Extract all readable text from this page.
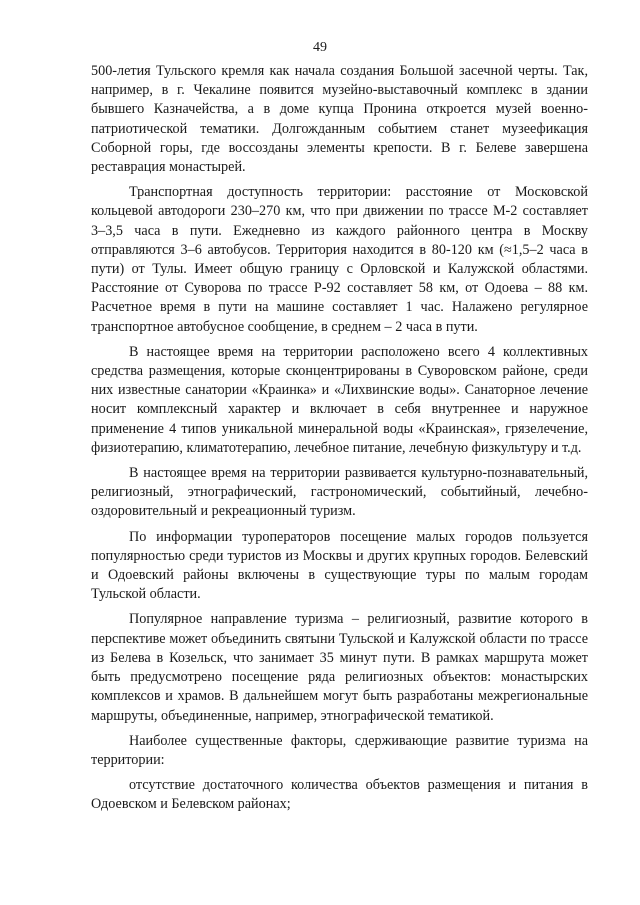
49

500-летия Тульского кремля как начала создания Большой засечной черты. Так, например, в г. Чекалине появится музейно-выставочный комплекс в здании бывшего Казначейства, а в доме купца Пронина откроется музей военно-патриотической тематики. Долгожданным событием станет музеефикация Соборной горы, где воссозданы элементы крепости. В г. Белеве завершена реставрация монастырей.

Транспортная доступность территории: расстояние от Московской кольцевой автодороги 230–270 км, что при движении по трассе М-2 составляет 3–3,5 часа в пути. Ежедневно из каждого районного центра в Москву отправляются 3–6 автобусов. Территория находится в 80-120 км (≈1,5–2 часа в пути) от Тулы. Имеет общую границу с Орловской и Калужской областями. Расстояние от Суворова по трассе Р-92 составляет 58 км, от Одоева – 88 км. Расчетное время в пути на машине составляет 1 час. Налажено регулярное транспортное автобусное сообщение, в среднем – 2 часа в пути.

В настоящее время на территории расположено всего 4 коллективных средства размещения, которые сконцентрированы в Суворовском районе, среди них известные санатории «Краинка» и «Лихвинские воды». Санаторное лечение носит комплексный характер и включает в себя внутреннее и наружное применение 4 типов уникальной минеральной воды «Краинская», грязелечение, физиотерапию, климатотерапию, лечебное питание, лечебную физкультуру и т.д.

В настоящее время на территории развивается культурно-познавательный, религиозный, этнографический, гастрономический, событийный, лечебно-оздоровительный и рекреационный туризм.

По информации туроператоров посещение малых городов пользуется популярностью среди туристов из Москвы и других крупных городов. Белевский и Одоевский районы включены в существующие туры по малым городам Тульской области.

Популярное направление туризма – религиозный, развитие которого в перспективе может объединить святыни Тульской и Калужской области по трассе из Белева в Козельск, что занимает 35 минут пути. В рамках маршрута может быть предусмотрено посещение ряда религиозных объектов: монастырских комплексов и храмов. В дальнейшем могут быть разработаны межрегиональные маршруты, объединенные, например, этнографической тематикой.

Наиболее существенные факторы, сдерживающие развитие туризма на территории:

отсутствие достаточного количества объектов размещения и питания в Одоевском и Белевском районах;
